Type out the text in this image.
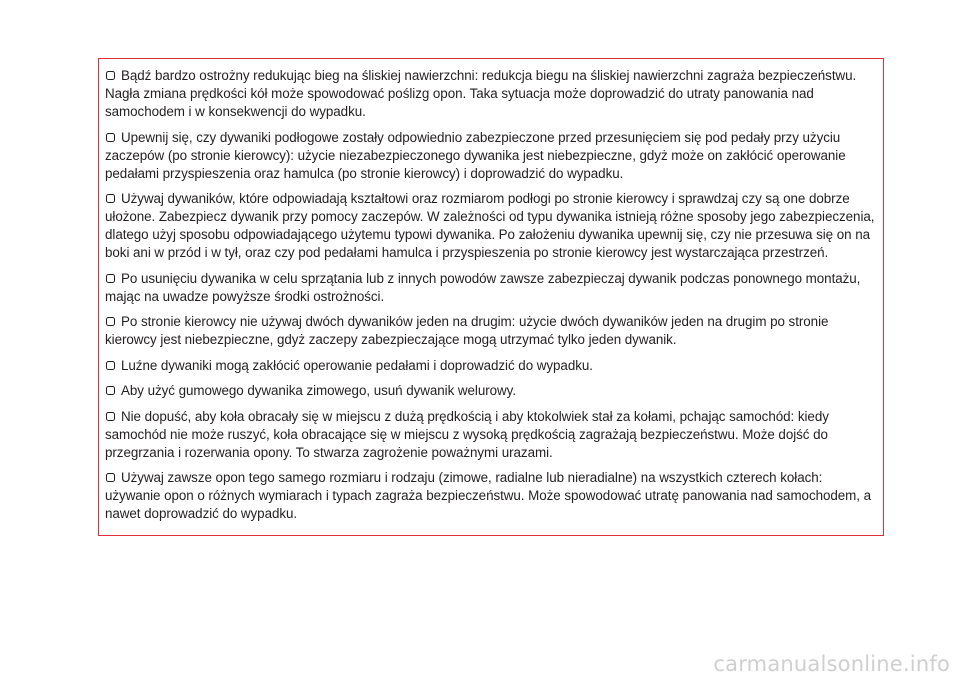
Bądź bardzo ostrożny redukując bieg na śliskiej nawierzchni: redukcja biegu na śliskiej nawierzchni zagraża bezpieczeństwu. Nagła zmiana prędkości kół może spowodować poślizg opon. Taka sytuacja może doprowadzić do utraty panowania nad samochodem i w konsekwencji do wypadku.

Upewnij się, czy dywaniki podłogowe zostały odpowiednio zabezpieczone przed przesunięciem się pod pedały przy użyciu zaczepów (po stronie kierowcy): użycie niezabezpieczonego dywanika jest niebezpieczne, gdyż może on zakłócić operowanie pedałami przyspieszenia oraz hamulca (po stronie kierowcy) i doprowadzić do wypadku.

Używaj dywaników, które odpowiadają kształtowi oraz rozmiarom podłogi po stronie kierowcy i sprawdzaj czy są one dobrze ułożone. Zabezpiecz dywanik przy pomocy zaczepów. W zależności od typu dywanika istnieją różne sposoby jego zabezpieczenia, dlatego użyj sposobu odpowiadającego użytemu typowi dywanika. Po założeniu dywanika upewnij się, czy nie przesuwa się on na boki ani w przód i w tył, oraz czy pod pedałami hamulca i przyspieszenia po stronie kierowcy jest wystarczająca przestrzeń.

Po usunięciu dywanika w celu sprzątania lub z innych powodów zawsze zabezpieczaj dywanik podczas ponownego montażu, mając na uwadze powyższe środki ostrożności.

Po stronie kierowcy nie używaj dwóch dywaników jeden na drugim: użycie dwóch dywaników jeden na drugim po stronie kierowcy jest niebezpieczne, gdyż zaczepy zabezpieczające mogą utrzymać tylko jeden dywanik.

Luźne dywaniki mogą zakłócić operowanie pedałami i doprowadzić do wypadku.

Aby użyć gumowego dywanika zimowego, usuń dywanik welurowy.

Nie dopuść, aby koła obracały się w miejscu z dużą prędkością i aby ktokolwiek stał za kołami, pchając samochód: kiedy samochód nie może ruszyć, koła obracające się w miejscu z wysoką prędkością zagrażają bezpieczeństwu. Może dojść do przegrzania i rozerwania opony. To stwarza zagrożenie poważnymi urazami.

Używaj zawsze opon tego samego rozmiaru i rodzaju (zimowe, radialne lub nieradialne) na wszystkich czterech kołach: używanie opon o różnych wymiarach i typach zagraża bezpieczeństwu. Może spowodować utratę panowania nad samochodem, a nawet doprowadzić do wypadku.

carmanualsonline.info
